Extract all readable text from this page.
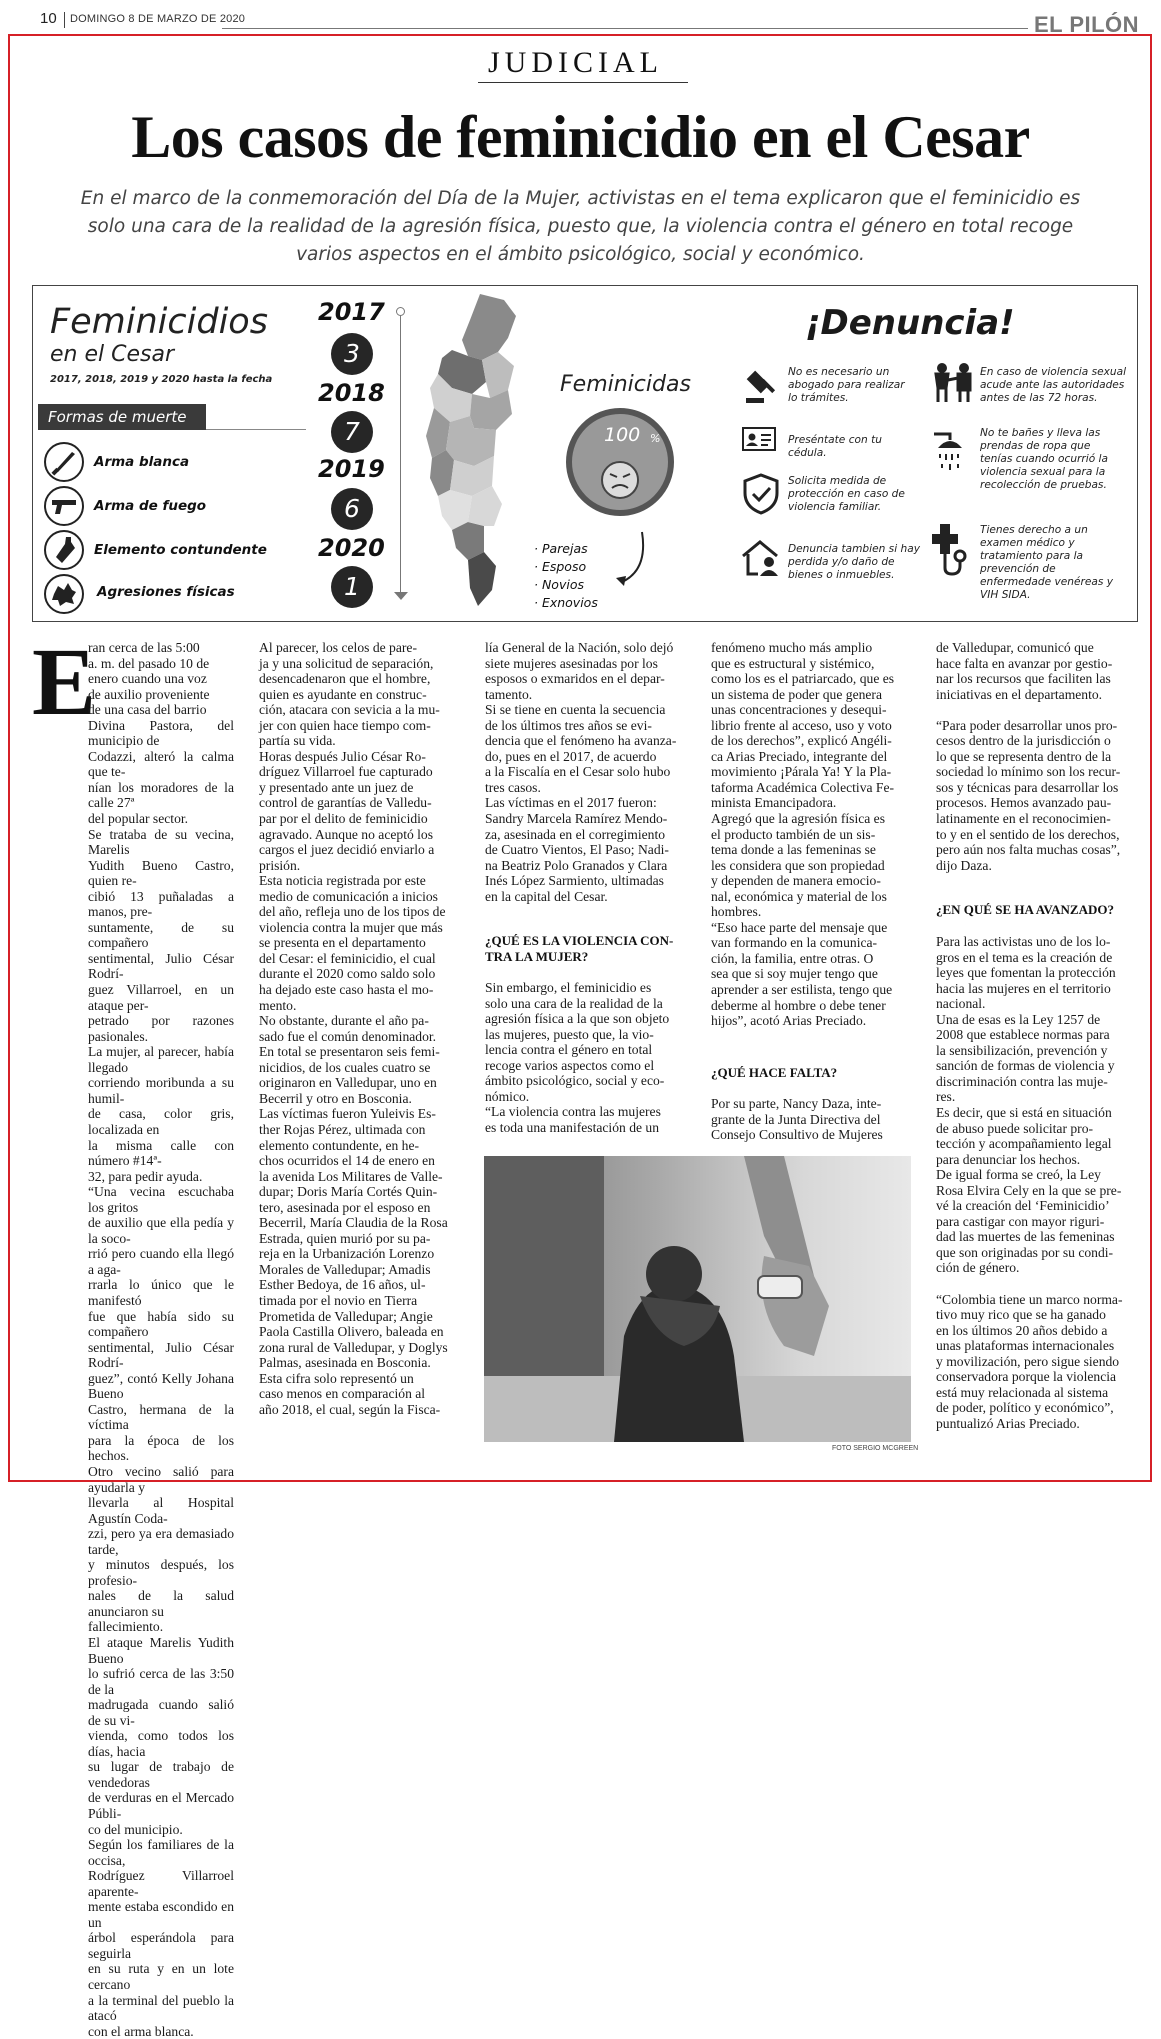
10 DOMINGO 8 DE MARZO DE 2020	EL PILÓN
JUDICIAL
Los casos de feminicidio en el Cesar
En el marco de la conmemoración del Día de la Mujer, activistas en el tema explicaron que el feminicidio es solo una cara de la realidad de la agresión física, puesto que, la violencia contra el género en total recoge varios aspectos en el ámbito psicológico, social y económico.
Feminicidios
en el Cesar
2017, 2018, 2019 y 2020 hasta la fecha
Formas de muerte
Arma blanca
Arma de fuego
Elemento contundente
Agresiones físicas
2017
3
2018
7
2019
6
2020
1
Feminicidas
100 %
· Parejas
· Esposo
· Novios
· Exnovios
¡Denuncia!
No es necesario un abogado para realizar lo trámites.
Preséntate con tu cédula.
Solicita medida de protección en caso de violencia familiar.
Denuncia tambien si hay perdida y/o daño de bienes o inmuebles.
En caso de violencia sexual acude ante las autoridades antes de las 72 horas.
No te bañes y lleva las prendas de ropa que tenías cuando ocurrió la violencia sexual para la recolección de pruebas.
Tienes derecho a un examen médico y tratamiento para la prevención de enfermedade venéreas y VIH SIDA.
E
ran cerca de las 5:00
a. m. del pasado 10 de
enero cuando una voz
de auxilio proveniente
de una casa del barrio
Divina Pastora, del municipio de
Codazzi, alteró la calma que te-
nían los moradores de la calle 27ª
del popular sector.
Se trataba de su vecina, Marelis
Yudith Bueno Castro, quien re-
cibió 13 puñaladas a manos, pre-
suntamente, de su compañero
sentimental, Julio César Rodrí-
guez Villarroel, en un ataque per-
petrado por razones pasionales.
La mujer, al parecer, había llegado
corriendo moribunda a su humil-
de casa, color gris, localizada en
la misma calle con número #14ª-
32, para pedir ayuda.
“Una vecina escuchaba los gritos
de auxilio que ella pedía y la soco-
rrió pero cuando ella llegó a aga-
rrarla lo único que le manifestó
fue que había sido su compañero
sentimental, Julio César Rodrí-
guez”, contó Kelly Johana Bueno
Castro, hermana de la víctima
para la época de los hechos.
Otro vecino salió para ayudarla y
llevarla al Hospital Agustín Coda-
zzi, pero ya era demasiado tarde,
y minutos después, los profesio-
nales de la salud anunciaron su
fallecimiento.
El ataque Marelis Yudith Bueno
lo sufrió cerca de las 3:50 de la
madrugada cuando salió de su vi-
vienda, como todos los días, hacia
su lugar de trabajo de vendedoras
de verduras en el Mercado Públi-
co del municipio.
Según los familiares de la occisa,
Rodríguez Villarroel aparente-
mente estaba escondido en un
árbol esperándola para seguirla
en su ruta y en un lote cercano
a la terminal del pueblo la atacó
con el arma blanca.
Al parecer, los celos de pare-
ja y una solicitud de separación,
desencadenaron que el hombre,
quien es ayudante en construc-
ción, atacara con sevicia a la mu-
jer con quien hace tiempo com-
partía su vida.
Horas después Julio César Ro-
dríguez Villarroel fue capturado
y presentado ante un juez de
control de garantías de Valledu-
par por el delito de feminicidio
agravado. Aunque no aceptó los
cargos el juez decidió enviarlo a
prisión.
Esta noticia registrada por este
medio de comunicación a inicios
del año, refleja uno de los tipos de
violencia contra la mujer que más
se presenta en el departamento
del Cesar: el feminicidio, el cual
durante el 2020 como saldo solo
ha dejado este caso hasta el mo-
mento.
No obstante, durante el año pa-
sado fue el común denominador.
En total se presentaron seis femi-
nicidios, de los cuales cuatro se
originaron en Valledupar, uno en
Becerril y otro en Bosconia.
Las víctimas fueron Yuleivis Es-
ther Rojas Pérez, ultimada con
elemento contundente, en he-
chos ocurridos el 14 de enero en
la avenida Los Militares de Valle-
dupar; Doris María Cortés Quin-
tero, asesinada por el esposo en
Becerril, María Claudia de la Rosa
Estrada, quien murió por su pa-
reja en la Urbanización Lorenzo
Morales de Valledupar; Amadis
Esther Bedoya, de 16 años, ul-
timada por el novio en Tierra
Prometida de Valledupar; Angie
Paola Castilla Olivero, baleada en
zona rural de Valledupar, y Doglys
Palmas, asesinada en Bosconia.
Esta cifra solo representó un
caso menos en comparación al
año 2018, el cual, según la Fisca-
lía General de la Nación, solo dejó
siete mujeres asesinadas por los
esposos o exmaridos en el depar-
tamento.
Si se tiene en cuenta la secuencia
de los últimos tres años se evi-
dencia que el fenómeno ha avanza-
do, pues en el 2017, de acuerdo
a la Fiscalía en el Cesar solo hubo
tres casos.
Las víctimas en el 2017 fueron:
Sandry Marcela Ramírez Mendo-
za, asesinada en el corregimiento
de Cuatro Vientos, El Paso; Nadi-
na Beatriz Polo Granados y Clara
Inés López Sarmiento, ultimadas
en la capital del Cesar.
¿QUÉ ES LA VIOLENCIA CON-
TRA LA MUJER?
Sin embargo, el feminicidio es
solo una cara de la realidad de la
agresión física a la que son objeto
las mujeres, puesto que, la vio-
lencia contra el género en total
recoge varios aspectos como el
ámbito psicológico, social y eco-
nómico.
“La violencia contra las mujeres
es toda una manifestación de un
fenómeno mucho más amplio
que es estructural y sistémico,
como los es el patriarcado, que es
un sistema de poder que genera
unas concentraciones y desequi-
librio frente al acceso, uso y voto
de los derechos”, explicó Angéli-
ca Arias Preciado, integrante del
movimiento ¡Párala Ya! Y la Pla-
taforma Académica Colectiva Fe-
minista Emancipadora.
Agregó que la agresión física es
el producto también de un sis-
tema donde a las femeninas se
les considera que son propiedad
y dependen de manera emocio-
nal, económica y material de los
hombres.
“Eso hace parte del mensaje que
van formando en la comunica-
ción, la familia, entre otras. O
sea que si soy mujer tengo que
aprender a ser estilista, tengo que
deberme al hombre o debe tener
hijos”, acotó Arias Preciado.
¿QUÉ HACE FALTA?
Por su parte, Nancy Daza, inte-
grante de la Junta Directiva del
Consejo Consultivo de Mujeres
de Valledupar, comunicó que
hace falta en avanzar por gestio-
nar los recursos que faciliten las
iniciativas en el departamento.

“Para poder desarrollar unos pro-
cesos dentro de la jurisdicción o
lo que se representa dentro de la
sociedad lo mínimo son los recur-
sos y técnicas para desarrollar los
procesos. Hemos avanzado pau-
latinamente en el reconocimien-
to y en el sentido de los derechos,
pero aún nos falta muchas cosas”,
dijo Daza.
¿EN QUÉ SE HA AVANZADO?
Para las activistas uno de los lo-
gros en el tema es la creación de
leyes que fomentan la protección
hacia las mujeres en el territorio
nacional.
Una de esas es la Ley 1257 de
2008 que establece normas para
la sensibilización, prevención y
sanción de formas de violencia y
discriminación contra las muje-
res.
Es decir, que si está en situación
de abuso puede solicitar pro-
tección y acompañamiento legal
para denunciar los hechos.
De igual forma se creó, la Ley
Rosa Elvira Cely en la que se pre-
vé la creación del ‘Feminicidio’
para castigar con mayor riguri-
dad las muertes de las femeninas
que son originadas por su condi-
ción de género.

“Colombia tiene un marco norma-
tivo muy rico que se ha ganado
en los últimos 20 años debido a
unas plataformas internacionales
y movilización, pero sigue siendo
conservadora porque la violencia
está muy relacionada al sistema
de poder, político y económico”,
puntualizó Arias Preciado.
FOTO SERGIO MCGREEN
